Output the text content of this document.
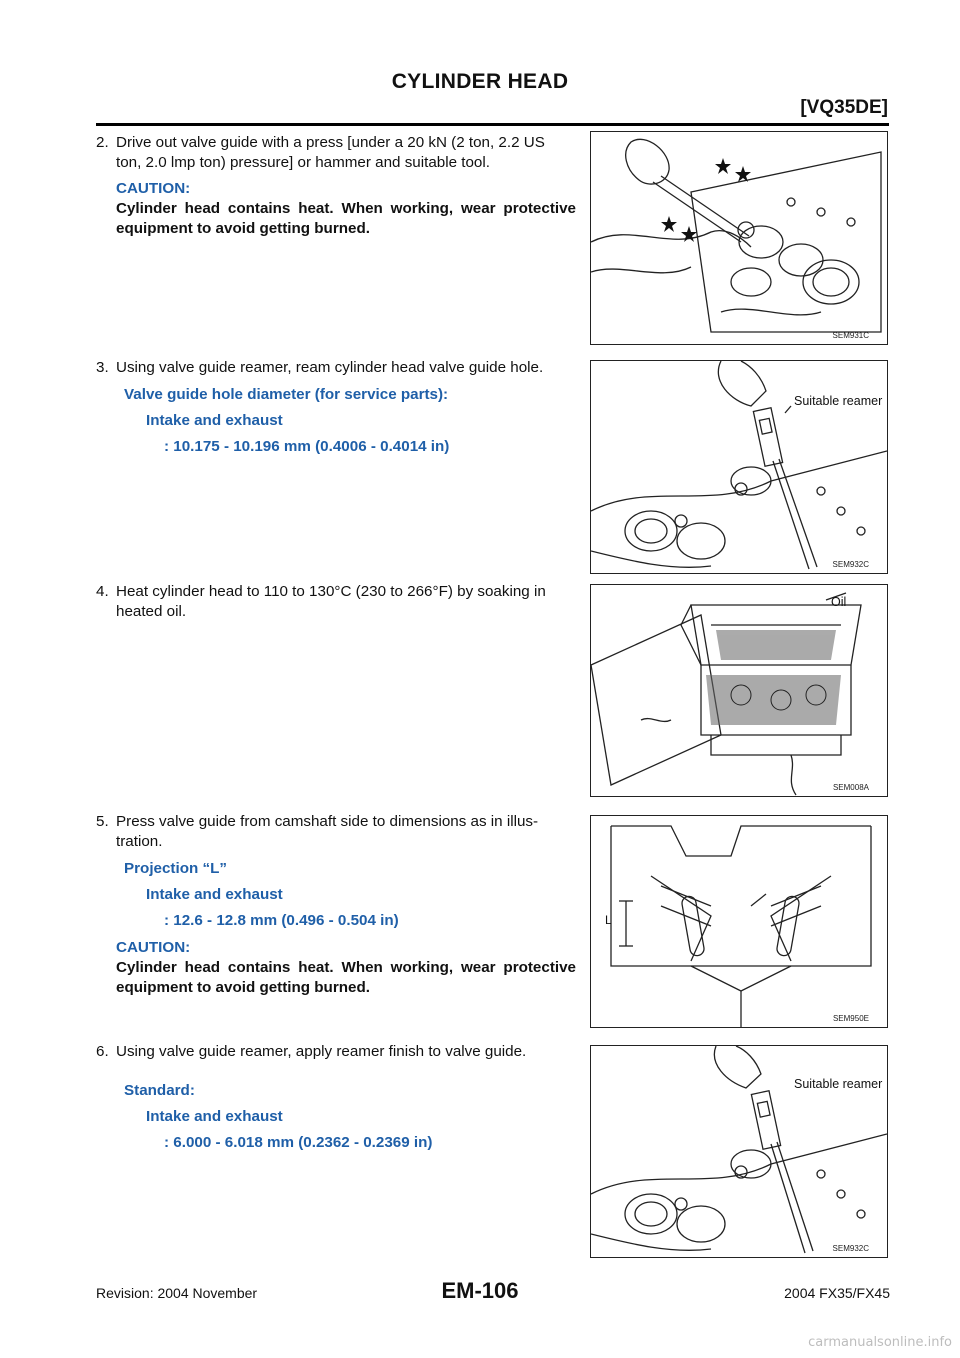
CYLINDER HEAD
[VQ35DE]
2. Drive out valve guide with a press [under a 20 kN (2 ton, 2.2 US
ton, 2.0 lmp ton) pressure] or hammer and suitable tool.
CAUTION:
Cylinder head contains heat. When working, wear protective equipment to avoid getting burned.
SEM931C
3. Using valve guide reamer, ream cylinder head valve guide hole.
Valve guide hole diameter (for service parts):
Intake and exhaust
: 10.175 - 10.196 mm (0.4006 - 0.4014 in)
Suitable reamer
SEM932C
4. Heat cylinder head to 110 to 130°C (230 to 266°F) by soaking in
heated oil.
Oil
SEM008A
5. Press valve guide from camshaft side to dimensions as in illus-
tration.
Projection “L”
Intake and exhaust
: 12.6 - 12.8 mm (0.496 - 0.504 in)
CAUTION:
Cylinder head contains heat. When working, wear protective equipment to avoid getting burned.
L
SEM950E
6. Using valve guide reamer, apply reamer finish to valve guide.
Standard:
Intake and exhaust
: 6.000 - 6.018 mm (0.2362 - 0.2369 in)
Suitable reamer
SEM932C
Revision: 2004 November	EM-106	2004 FX35/FX45
carmanualsonline.info
